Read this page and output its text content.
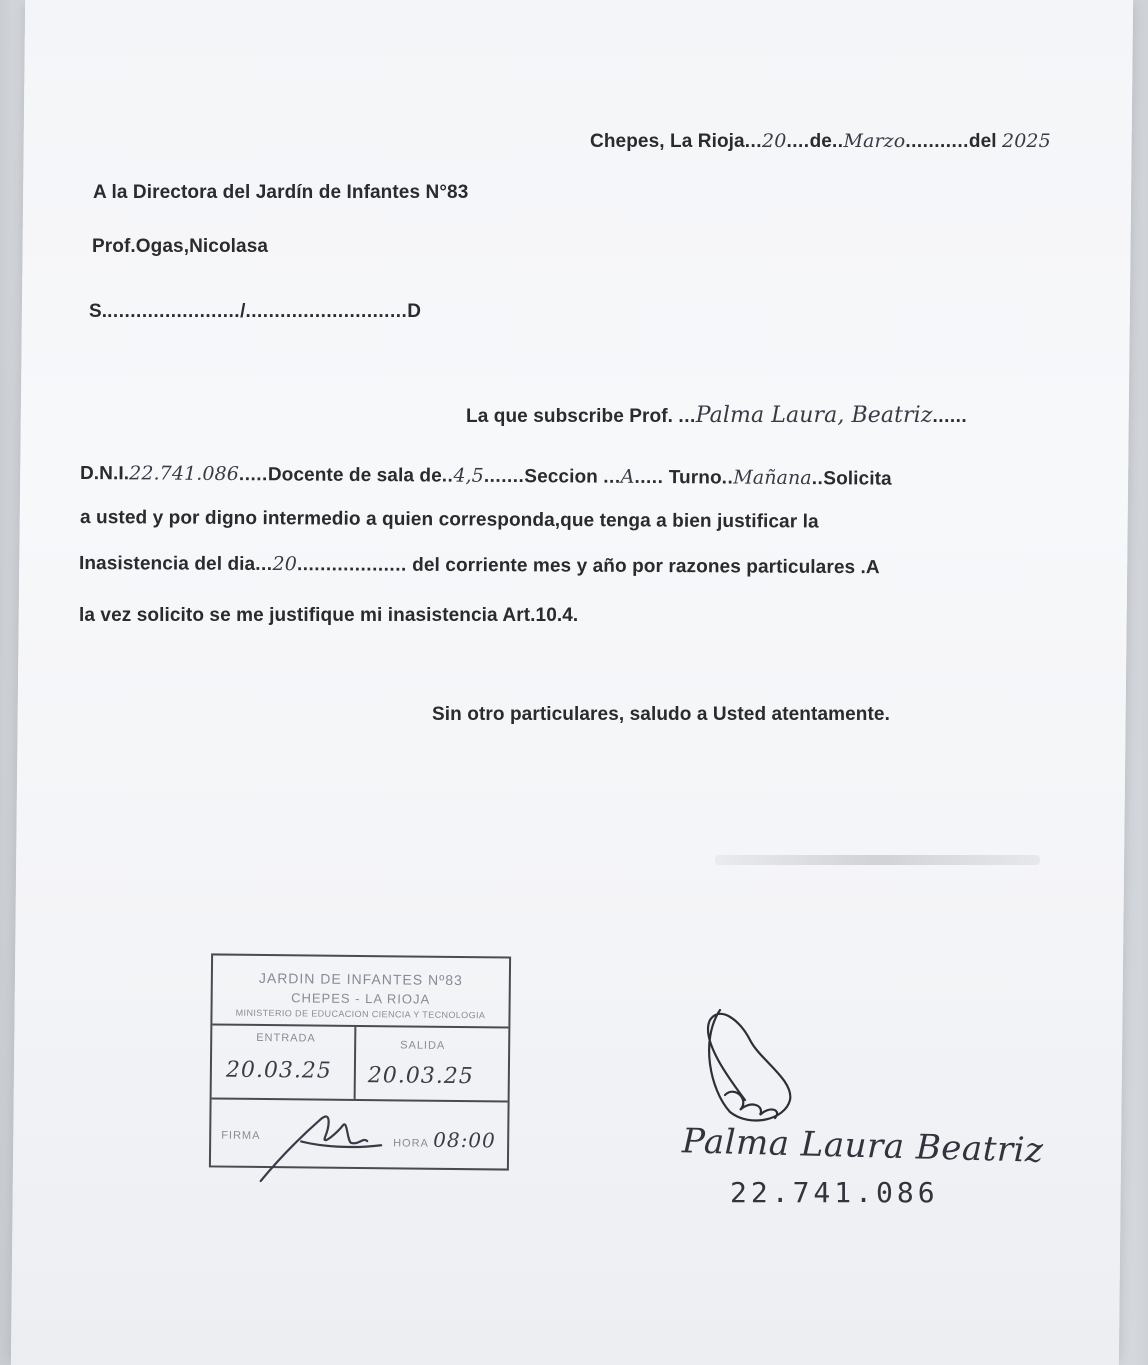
Chepes, La Rioja...20....de..Marzo...........del 2025
A la Directora del Jardín de Infantes N°83
Prof.Ogas,Nicolasa
S......................../............................D
La que subscribe Prof. ...Palma Laura, Beatriz......
D.N.I.22.741.086.....Docente de sala de..4,5.......Seccion ...A..... Turno..Mañana..Solicita
a usted y por digno intermedio a quien corresponda,que tenga a bien justificar la
Inasistencia del dia...20................... del corriente mes y año por razones particulares .A
la vez solicito se me justifique mi inasistencia Art.10.4.
Sin otro particulares, saludo a Usted atentamente.
JARDIN DE INFANTES Nº83
CHEPES - LA RIOJA
MINISTERIO DE EDUCACION CIENCIA Y TECNOLOGIA
ENTRADA
SALIDA
20.03.25 20.03.25
FIRMA
HORA 08:00	Palma Laura Beatriz
22.741.086
